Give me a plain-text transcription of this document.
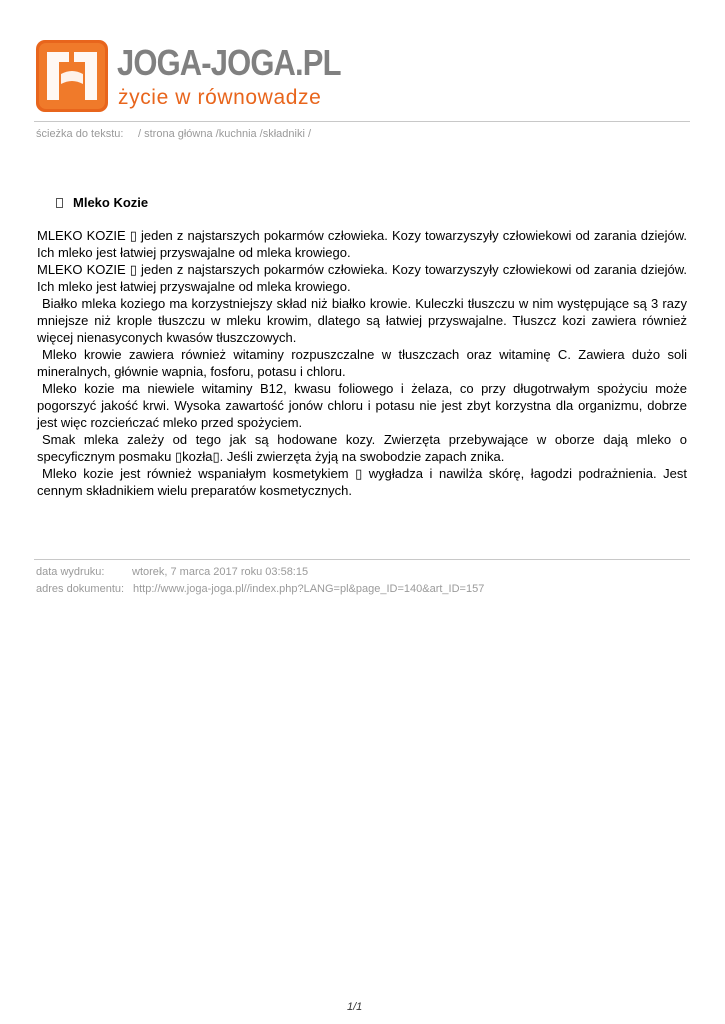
JOGA-JOGA.PL
życie w równowadze
ścieżka do tekstu: / strona główna /kuchnia /składniki /
Mleko Kozie

MLEKO KOZIE ▯ jeden z najstarszych pokarmów człowieka. Kozy towarzyszyły człowiekowi od zarania dziejów. Ich mleko jest łatwiej przyswajalne od mleka krowiego.

MLEKO KOZIE ▯ jeden z najstarszych pokarmów człowieka. Kozy towarzyszyły człowiekowi od zarania dziejów. Ich mleko jest łatwiej przyswajalne od mleka krowiego.

Białko mleka koziego ma korzystniejszy skład niż białko krowie. Kuleczki tłuszczu w nim występujące są 3 razy mniejsze niż krople tłuszczu w mleku krowim, dlatego są łatwiej przyswajalne. Tłuszcz kozi zawiera również więcej nienasyconych kwasów tłuszczowych.

Mleko krowie zawiera również witaminy rozpuszczalne w tłuszczach oraz witaminę C. Zawiera dużo soli mineralnych, głównie wapnia, fosforu, potasu i chloru.

Mleko kozie ma niewiele witaminy B12, kwasu foliowego i żelaza, co przy długotrwałym spożyciu może pogorszyć jakość krwi. Wysoka zawartość jonów chloru i potasu nie jest zbyt korzystna dla organizmu, dobrze jest więc rozcieńczać mleko przed spożyciem.

Smak mleka zależy od tego jak są hodowane kozy. Zwierzęta przebywające w oborze dają mleko o specyficznym posmaku ▯kozła▯. Jeśli zwierzęta żyją na swobodzie zapach znika.

Mleko kozie jest również wspaniałym kosmetykiem ▯ wygładza i nawilża skórę, łagodzi podrażnienia. Jest cennym składnikiem wielu preparatów kosmetycznych.

data wydruku:	wtorek, 7 marca 2017 roku 03:58:15
adres dokumentu: http://www.joga-joga.pl//index.php?LANG=pl&page_ID=140&art_ID=157
1/1
